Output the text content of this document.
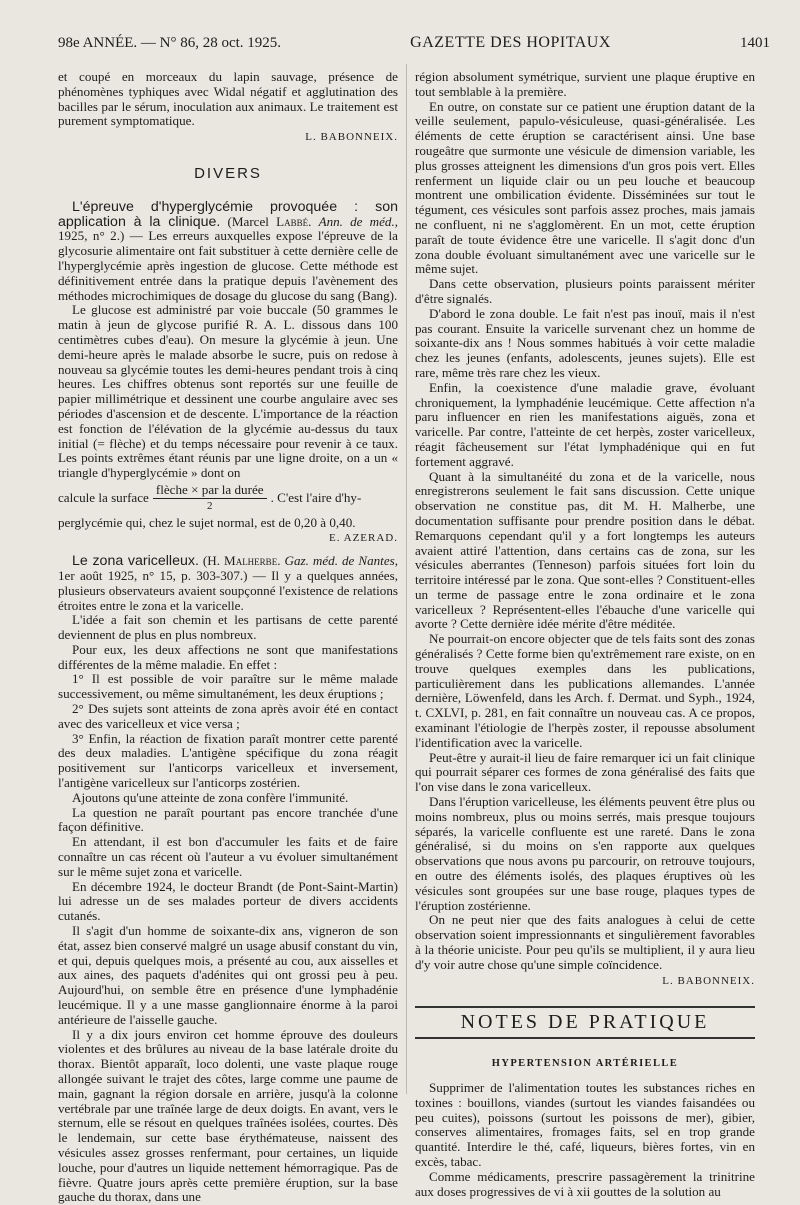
98e ANNÉE. — N° 86, 28 oct. 1925.	GAZETTE DES HOPITAUX	1401

et coupé en morceaux du lapin sauvage, présence de phénomènes typhiques avec Widal négatif et agglutination des bacilles par le sérum, inoculation aux animaux. Le traitement est purement symptomatique.

L. BABONNEIX.
DIVERS

L'épreuve d'hyperglycémie provoquée : son application à la clinique. (Marcel Labbé. Ann. de méd., 1925, n° 2.) — Les erreurs auxquelles expose l'épreuve de la glycosurie alimentaire ont fait substituer à cette dernière celle de l'hyperglycémie après ingestion de glucose. Cette méthode est définitivement entrée dans la pratique depuis l'avènement des méthodes microchimiques de dosage du glucose du sang (Bang).

Le glucose est administré par voie buccale (50 grammes le matin à jeun de glycose purifié R. A. L. dissous dans 100 centimètres cubes d'eau). On mesure la glycémie à jeun. Une demi-heure après le malade absorbe le sucre, puis on redose à nouveau sa glycémie toutes les demi-heures pendant trois à cinq heures. Les chiffres obtenus sont reportés sur une feuille de papier millimétrique et dessinent une courbe angulaire avec ses périodes d'ascension et de descente. L'importance de la réaction est fonction de l'élévation de la glycémie au-dessus du taux initial (= flèche) et du temps nécessaire pour revenir à ce taux. Les points extrêmes étant réunis par une ligne droite, on a un « triangle d'hyperglycémie » dont on

calcule la surface $\frac{\text{flèche × par la durée}}{2}$ . C'est l'aire d'hy-

perglycémie qui, chez le sujet normal, est de 0,20 à 0,40.

E. AZERAD.

Le zona varicelleux. (H. Malherbe. Gaz. méd. de Nantes, 1er août 1925, n° 15, p. 303-307.) — Il y a quelques années, plusieurs observateurs avaient soupçonné l'existence de relations étroites entre le zona et la varicelle.

L'idée a fait son chemin et les partisans de cette parenté deviennent de plus en plus nombreux.

Pour eux, les deux affections ne sont que manifestations différentes de la même maladie. En effet :

1° Il est possible de voir paraître sur le même malade successivement, ou même simultanément, les deux éruptions ;

2° Des sujets sont atteints de zona après avoir été en contact avec des varicelleux et vice versa ;

3° Enfin, la réaction de fixation paraît montrer cette parenté des deux maladies. L'antigène spécifique du zona réagit positivement sur l'anticorps varicelleux et inversement, l'antigène varicelleux sur l'anticorps zostérien.

Ajoutons qu'une atteinte de zona confère l'immunité.

La question ne paraît pourtant pas encore tranchée d'une façon définitive.

En attendant, il est bon d'accumuler les faits et de faire connaître un cas récent où l'auteur a vu évoluer simultanément sur le même sujet zona et varicelle.

En décembre 1924, le docteur Brandt (de Pont-Saint-Martin) lui adresse un de ses malades porteur de divers accidents cutanés.

Il s'agit d'un homme de soixante-dix ans, vigneron de son état, assez bien conservé malgré un usage abusif constant du vin, et qui, depuis quelques mois, a présenté au cou, aux aisselles et aux aines, des paquets d'adénites qui ont grossi peu à peu. Aujourd'hui, on semble être en présence d'une lymphadénie leucémique. Il y a une masse ganglionnaire énorme à la paroi antérieure de l'aisselle gauche.

Il y a dix jours environ cet homme éprouve des douleurs violentes et des brûlures au niveau de la base latérale droite du thorax. Bientôt apparaît, loco dolenti, une vaste plaque rouge allongée suivant le trajet des côtes, large comme une paume de main, gagnant la région dorsale en arrière, jusqu'à la colonne vertébrale par une traînée large de deux doigts. En avant, vers le sternum, elle se résout en quelques traînées isolées, courtes. Dès le lendemain, sur cette base érythémateuse, naissent des vésicules assez grosses renfermant, pour certaines, un liquide louche, pour d'autres un liquide nettement hémorragique. Pas de fièvre. Quatre jours après cette première éruption, sur la base gauche du thorax, dans une

région absolument symétrique, survient une plaque éruptive en tout semblable à la première.

En outre, on constate sur ce patient une éruption datant de la veille seulement, papulo-vésiculeuse, quasi-généralisée. Les éléments de cette éruption se caractérisent ainsi. Une base rougeâtre que surmonte une vésicule de dimension variable, les plus grosses atteignent les dimensions d'un gros pois vert. Elles renferment un liquide clair ou un peu louche et beaucoup montrent une ombilication évidente. Disséminées sur tout le tégument, ces vésicules sont parfois assez proches, mais jamais ne confluent, ni ne s'agglomèrent. En un mot, cette éruption paraît de toute évidence être une varicelle. Il s'agit donc d'un zona double évoluant simultanément avec une varicelle sur le même sujet.

Dans cette observation, plusieurs points paraissent mériter d'être signalés.

D'abord le zona double. Le fait n'est pas inouï, mais il n'est pas courant. Ensuite la varicelle survenant chez un homme de soixante-dix ans ! Nous sommes habitués à voir cette maladie chez les jeunes (enfants, adolescents, jeunes sujets). Elle est rare, même très rare chez les vieux.

Enfin, la coexistence d'une maladie grave, évoluant chroniquement, la lymphadénie leucémique. Cette affection n'a paru influencer en rien les manifestations aiguës, zona et varicelle. Par contre, l'atteinte de cet herpès, zoster varicelleux, réagit fâcheusement sur l'état lymphadénique qui en fut fortement aggravé.

Quant à la simultanéité du zona et de la varicelle, nous enregistrerons seulement le fait sans discussion. Cette unique observation ne constitue pas, dit M. H. Malherbe, une documentation suffisante pour prendre position dans le débat. Remarquons cependant qu'il y a fort longtemps les auteurs avaient attiré l'attention, dans certains cas de zona, sur les vésicules aberrantes (Tenneson) parfois situées fort loin du territoire intéressé par le zona. Que sont-elles ? Constituent-elles un terme de passage entre le zona ordinaire et le zona varicelleux ? Représentent-elles l'ébauche d'une varicelle qui avorte ? Cette dernière idée mérite d'être méditée.

Ne pourrait-on encore objecter que de tels faits sont des zonas généralisés ? Cette forme bien qu'extrêmement rare existe, on en trouve quelques exemples dans les publications, particulièrement dans les publications allemandes. L'année dernière, Löwenfeld, dans les Arch. f. Dermat. und Syph., 1924, t. CXLVI, p. 281, en fait connaître un nouveau cas. A ce propos, examinant l'étiologie de l'herpès zoster, il repousse absolument l'identification avec la varicelle.

Peut-être y aurait-il lieu de faire remarquer ici un fait clinique qui pourrait séparer ces formes de zona généralisé des faits que l'on vise dans le zona varicelleux.

Dans l'éruption varicelleuse, les éléments peuvent être plus ou moins nombreux, plus ou moins serrés, mais presque toujours séparés, la varicelle confluente est une rareté. Dans le zona généralisé, si du moins on s'en rapporte aux quelques observations que nous avons pu parcourir, on retrouve toujours, en outre des éléments isolés, des plaques éruptives où les vésicules sont groupées sur une base rouge, plaques types de l'éruption zostérienne.

On ne peut nier que des faits analogues à celui de cette observation soient impressionnants et singulièrement favorables à la théorie uniciste. Pour peu qu'ils se multiplient, il y aura lieu d'y voir autre chose qu'une simple coïncidence.

L. BABONNEIX.
NOTES DE PRATIQUE
HYPERTENSION ARTÉRIELLE

Supprimer de l'alimentation toutes les substances riches en toxines : bouillons, viandes (surtout les viandes faisandées ou peu cuites), poissons (surtout les poissons de mer), gibier, conserves alimentaires, fromages faits, sel en trop grande quantité. Interdire le thé, café, liqueurs, bières fortes, vin en excès, tabac.

Comme médicaments, prescrire passagèrement la trinitrine aux doses progressives de vi à xii gouttes de la solution au
